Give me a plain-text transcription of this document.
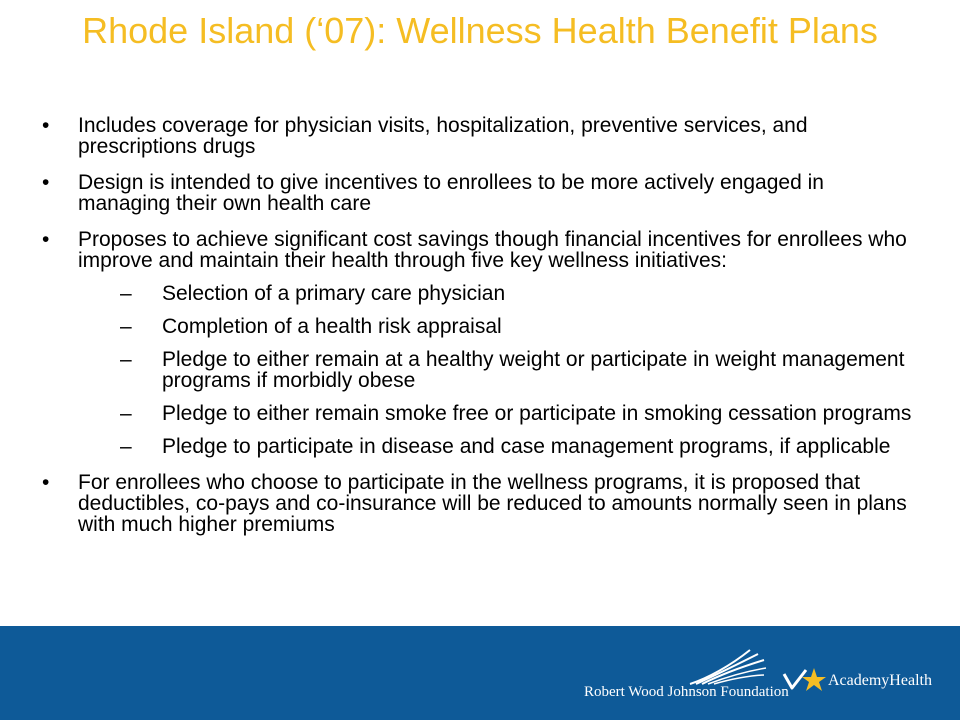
Rhode Island (‘07): Wellness Health Benefit Plans
• Includes coverage for physician visits, hospitalization, preventive services, and prescriptions drugs
• Design is intended to give incentives to enrollees to be more actively engaged in managing their own health care
• Proposes to achieve significant cost savings though financial incentives for enrollees who improve and maintain their health through five key wellness initiatives:
– Selection of a primary care physician
– Completion of a health risk appraisal
– Pledge to either remain at a healthy weight or participate in weight management programs if morbidly obese
– Pledge to either remain smoke free or participate in smoking cessation programs
– Pledge to participate in disease and case management programs, if applicable
• For enrollees who choose to participate in the wellness programs, it is proposed that deductibles, co-pays and co-insurance will be reduced to amounts normally seen in plans with much higher premiums
Robert Wood Johnson Foundation
AcademyHealth
